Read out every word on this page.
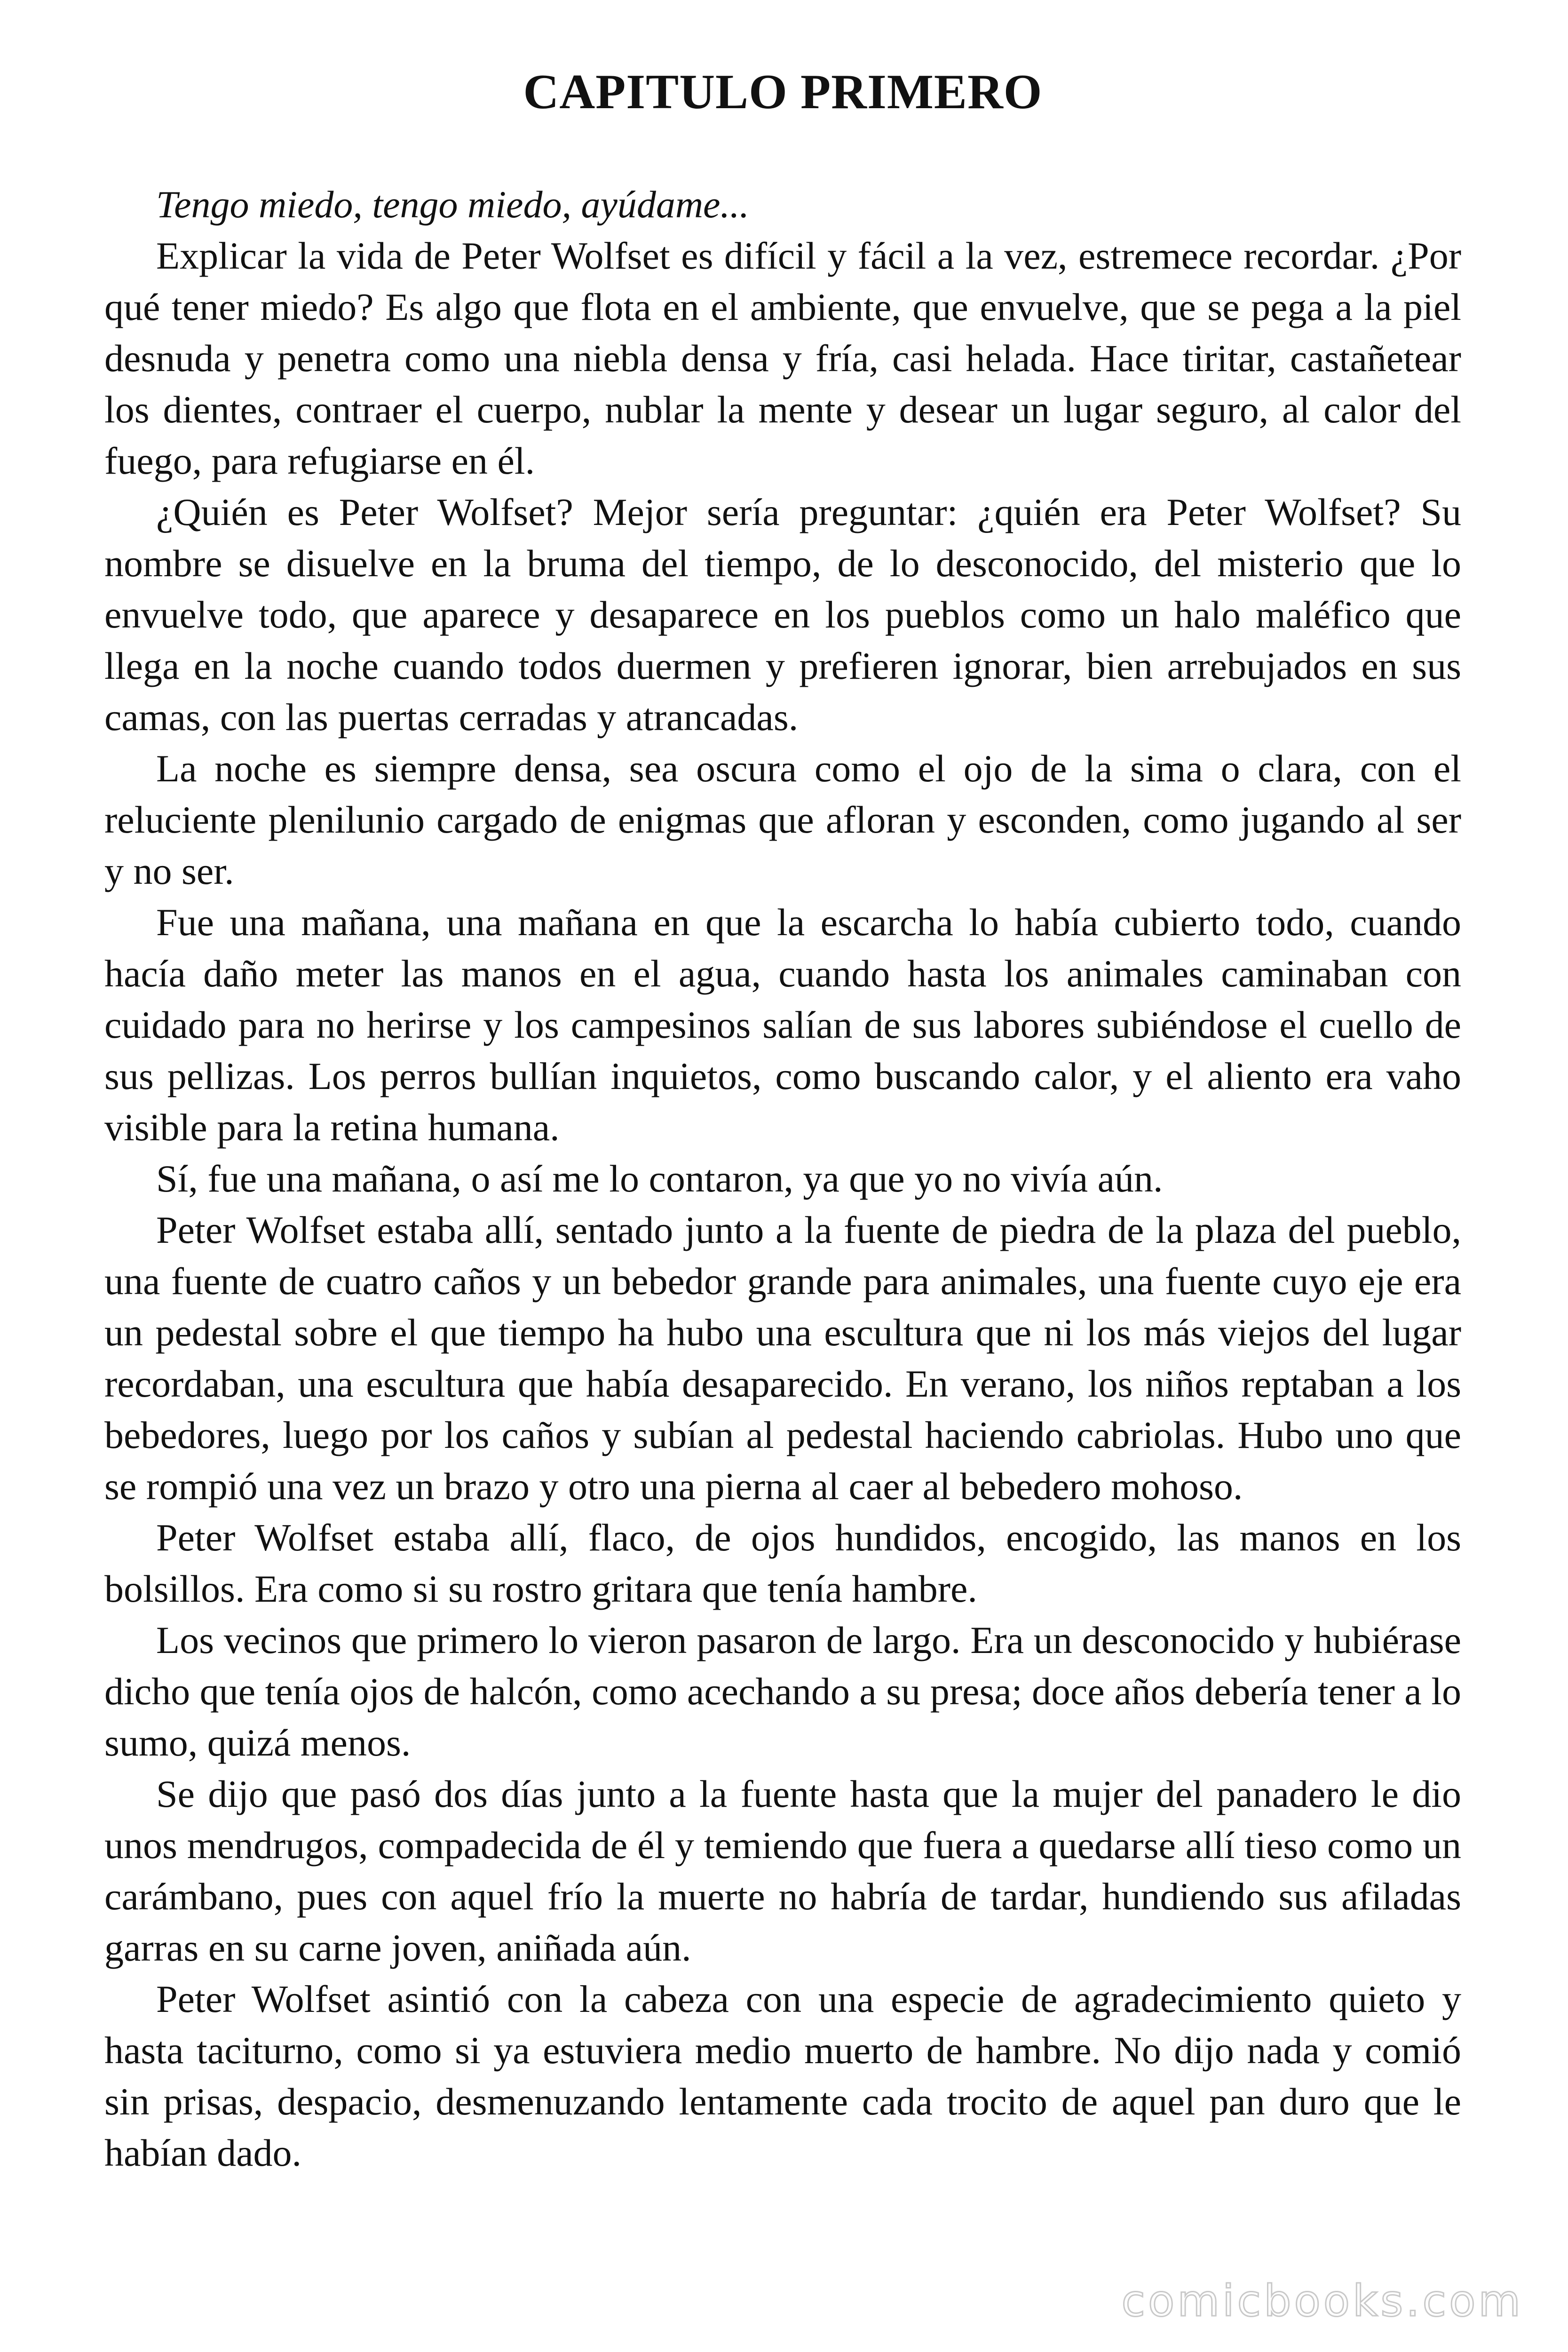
CAPITULO PRIMERO

Tengo miedo, tengo miedo, ayúdame...

Explicar la vida de Peter Wolfset es difícil y fácil a la vez, estremece recordar. ¿Por qué tener miedo? Es algo que flota en el ambiente, que envuelve, que se pega a la piel desnuda y penetra como una niebla densa y fría, casi helada. Hace tiritar, castañetear los dientes, contraer el cuerpo, nublar la mente y desear un lugar seguro, al calor del fuego, para refugiarse en él.

¿Quién es Peter Wolfset? Mejor sería preguntar: ¿quién era Peter Wolfset? Su nombre se disuelve en la bruma del tiempo, de lo desconocido, del misterio que lo envuelve todo, que aparece y desaparece en los pueblos como un halo maléfico que llega en la noche cuando todos duermen y prefieren ignorar, bien arrebujados en sus camas, con las puertas cerradas y atrancadas.

La noche es siempre densa, sea oscura como el ojo de la sima o clara, con el reluciente plenilunio cargado de enigmas que afloran y esconden, como jugando al ser y no ser.

Fue una mañana, una mañana en que la escarcha lo había cubierto todo, cuando hacía daño meter las manos en el agua, cuando hasta los animales caminaban con cuidado para no herirse y los campesinos salían de sus labores subiéndose el cuello de sus pellizas. Los perros bullían inquietos, como buscando calor, y el aliento era vaho visible para la retina humana.

Sí, fue una mañana, o así me lo contaron, ya que yo no vivía aún.

Peter Wolfset estaba allí, sentado junto a la fuente de piedra de la plaza del pueblo, una fuente de cuatro caños y un bebedor grande para animales, una fuente cuyo eje era un pedestal sobre el que tiempo ha hubo una escultura que ni los más viejos del lugar recordaban, una escultura que había desaparecido. En verano, los niños reptaban a los bebedores, luego por los caños y subían al pedestal haciendo cabriolas. Hubo uno que se rompió una vez un brazo y otro una pierna al caer al bebedero mohoso.

Peter Wolfset estaba allí, flaco, de ojos hundidos, encogido, las manos en los bolsillos. Era como si su rostro gritara que tenía hambre.

Los vecinos que primero lo vieron pasaron de largo. Era un desconocido y hubiérase dicho que tenía ojos de halcón, como acechando a su presa; doce años debería tener a lo sumo, quizá menos.

Se dijo que pasó dos días junto a la fuente hasta que la mujer del panadero le dio unos mendrugos, compadecida de él y temiendo que fuera a quedarse allí tieso como un carámbano, pues con aquel frío la muerte no habría de tardar, hundiendo sus afiladas garras en su carne joven, aniñada aún.

Peter Wolfset asintió con la cabeza con una especie de agradecimiento quieto y hasta taciturno, como si ya estuviera medio muerto de hambre. No dijo nada y comió sin prisas, despacio, desmenuzando lentamente cada trocito de aquel pan duro que le habían dado.

comicbooks.com
